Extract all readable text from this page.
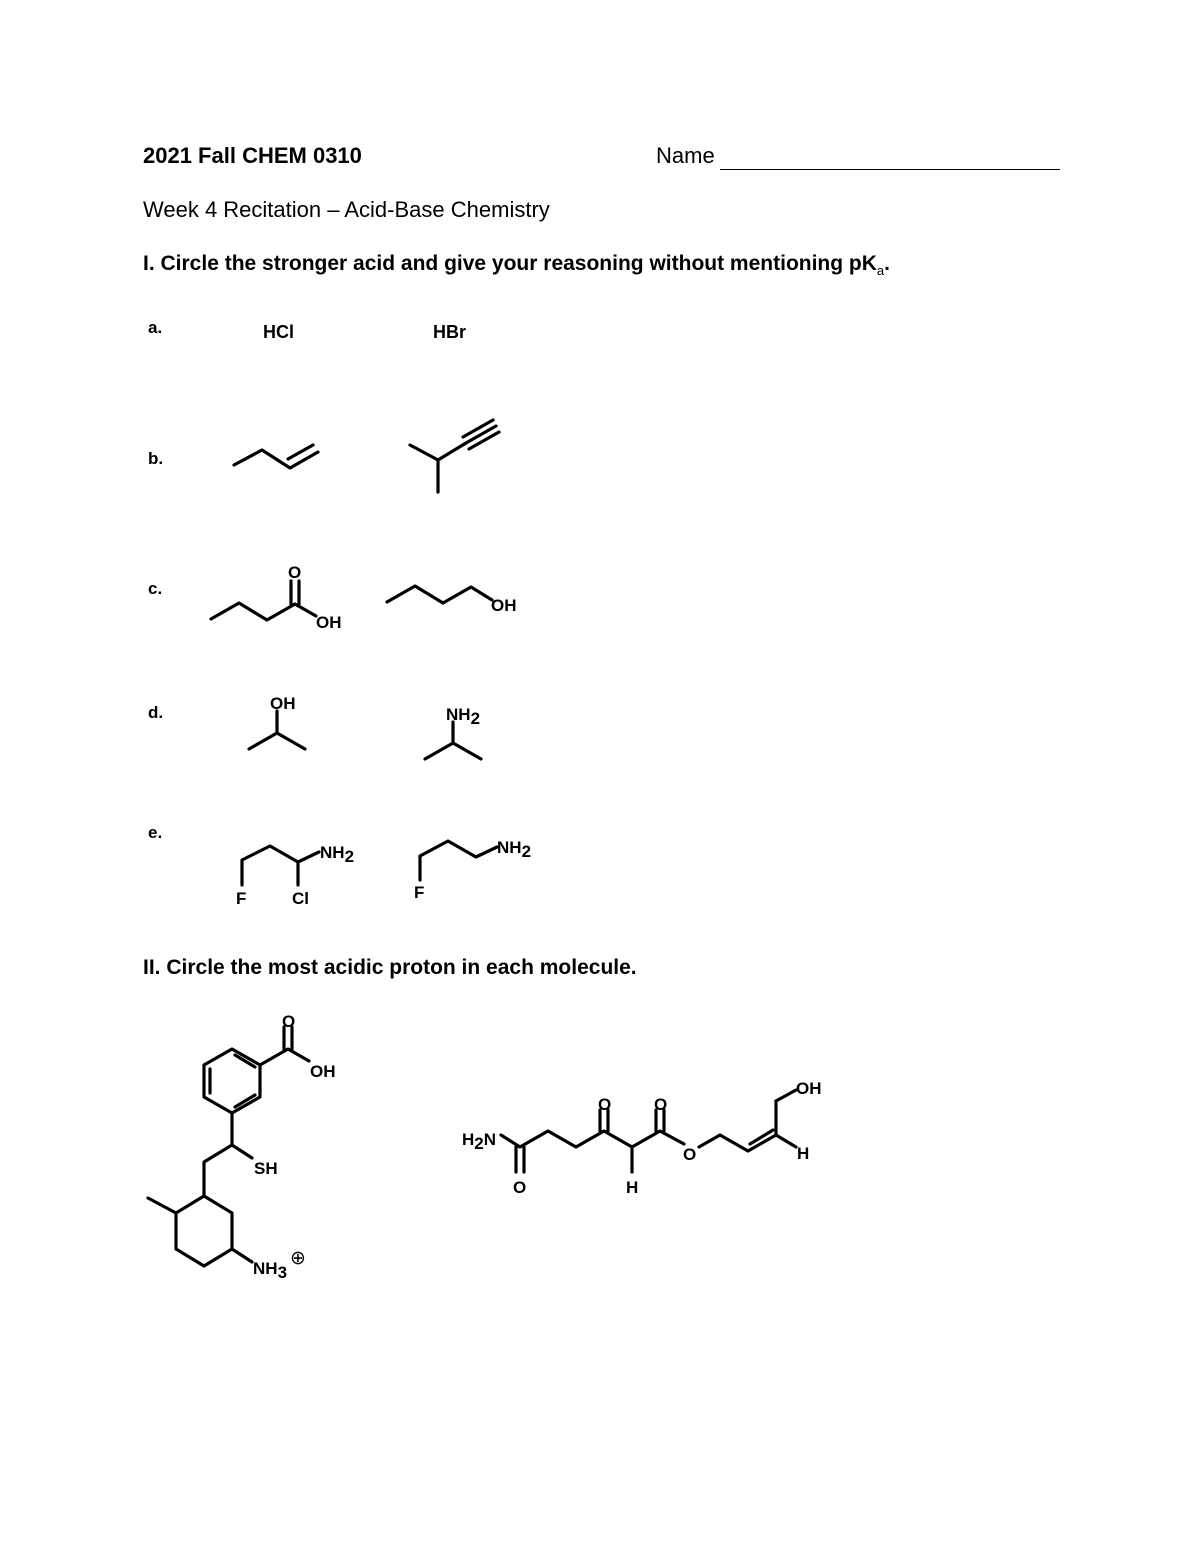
2021 Fall CHEM 0310	Name
Week 4 Recitation – Acid-Base Chemistry
I. Circle the stronger acid and give your reasoning without mentioning $pK_a$.
a.	HCl	HBr
b.
c.
d.
e.
II. Circle the most acidic proton in each molecule.
O
OH
OH
OH
NH2
F	Cl
NH2
F
NH2
O
OH
SH
NH3
⊕
H2N
O
O
H
O
O
OH
H
